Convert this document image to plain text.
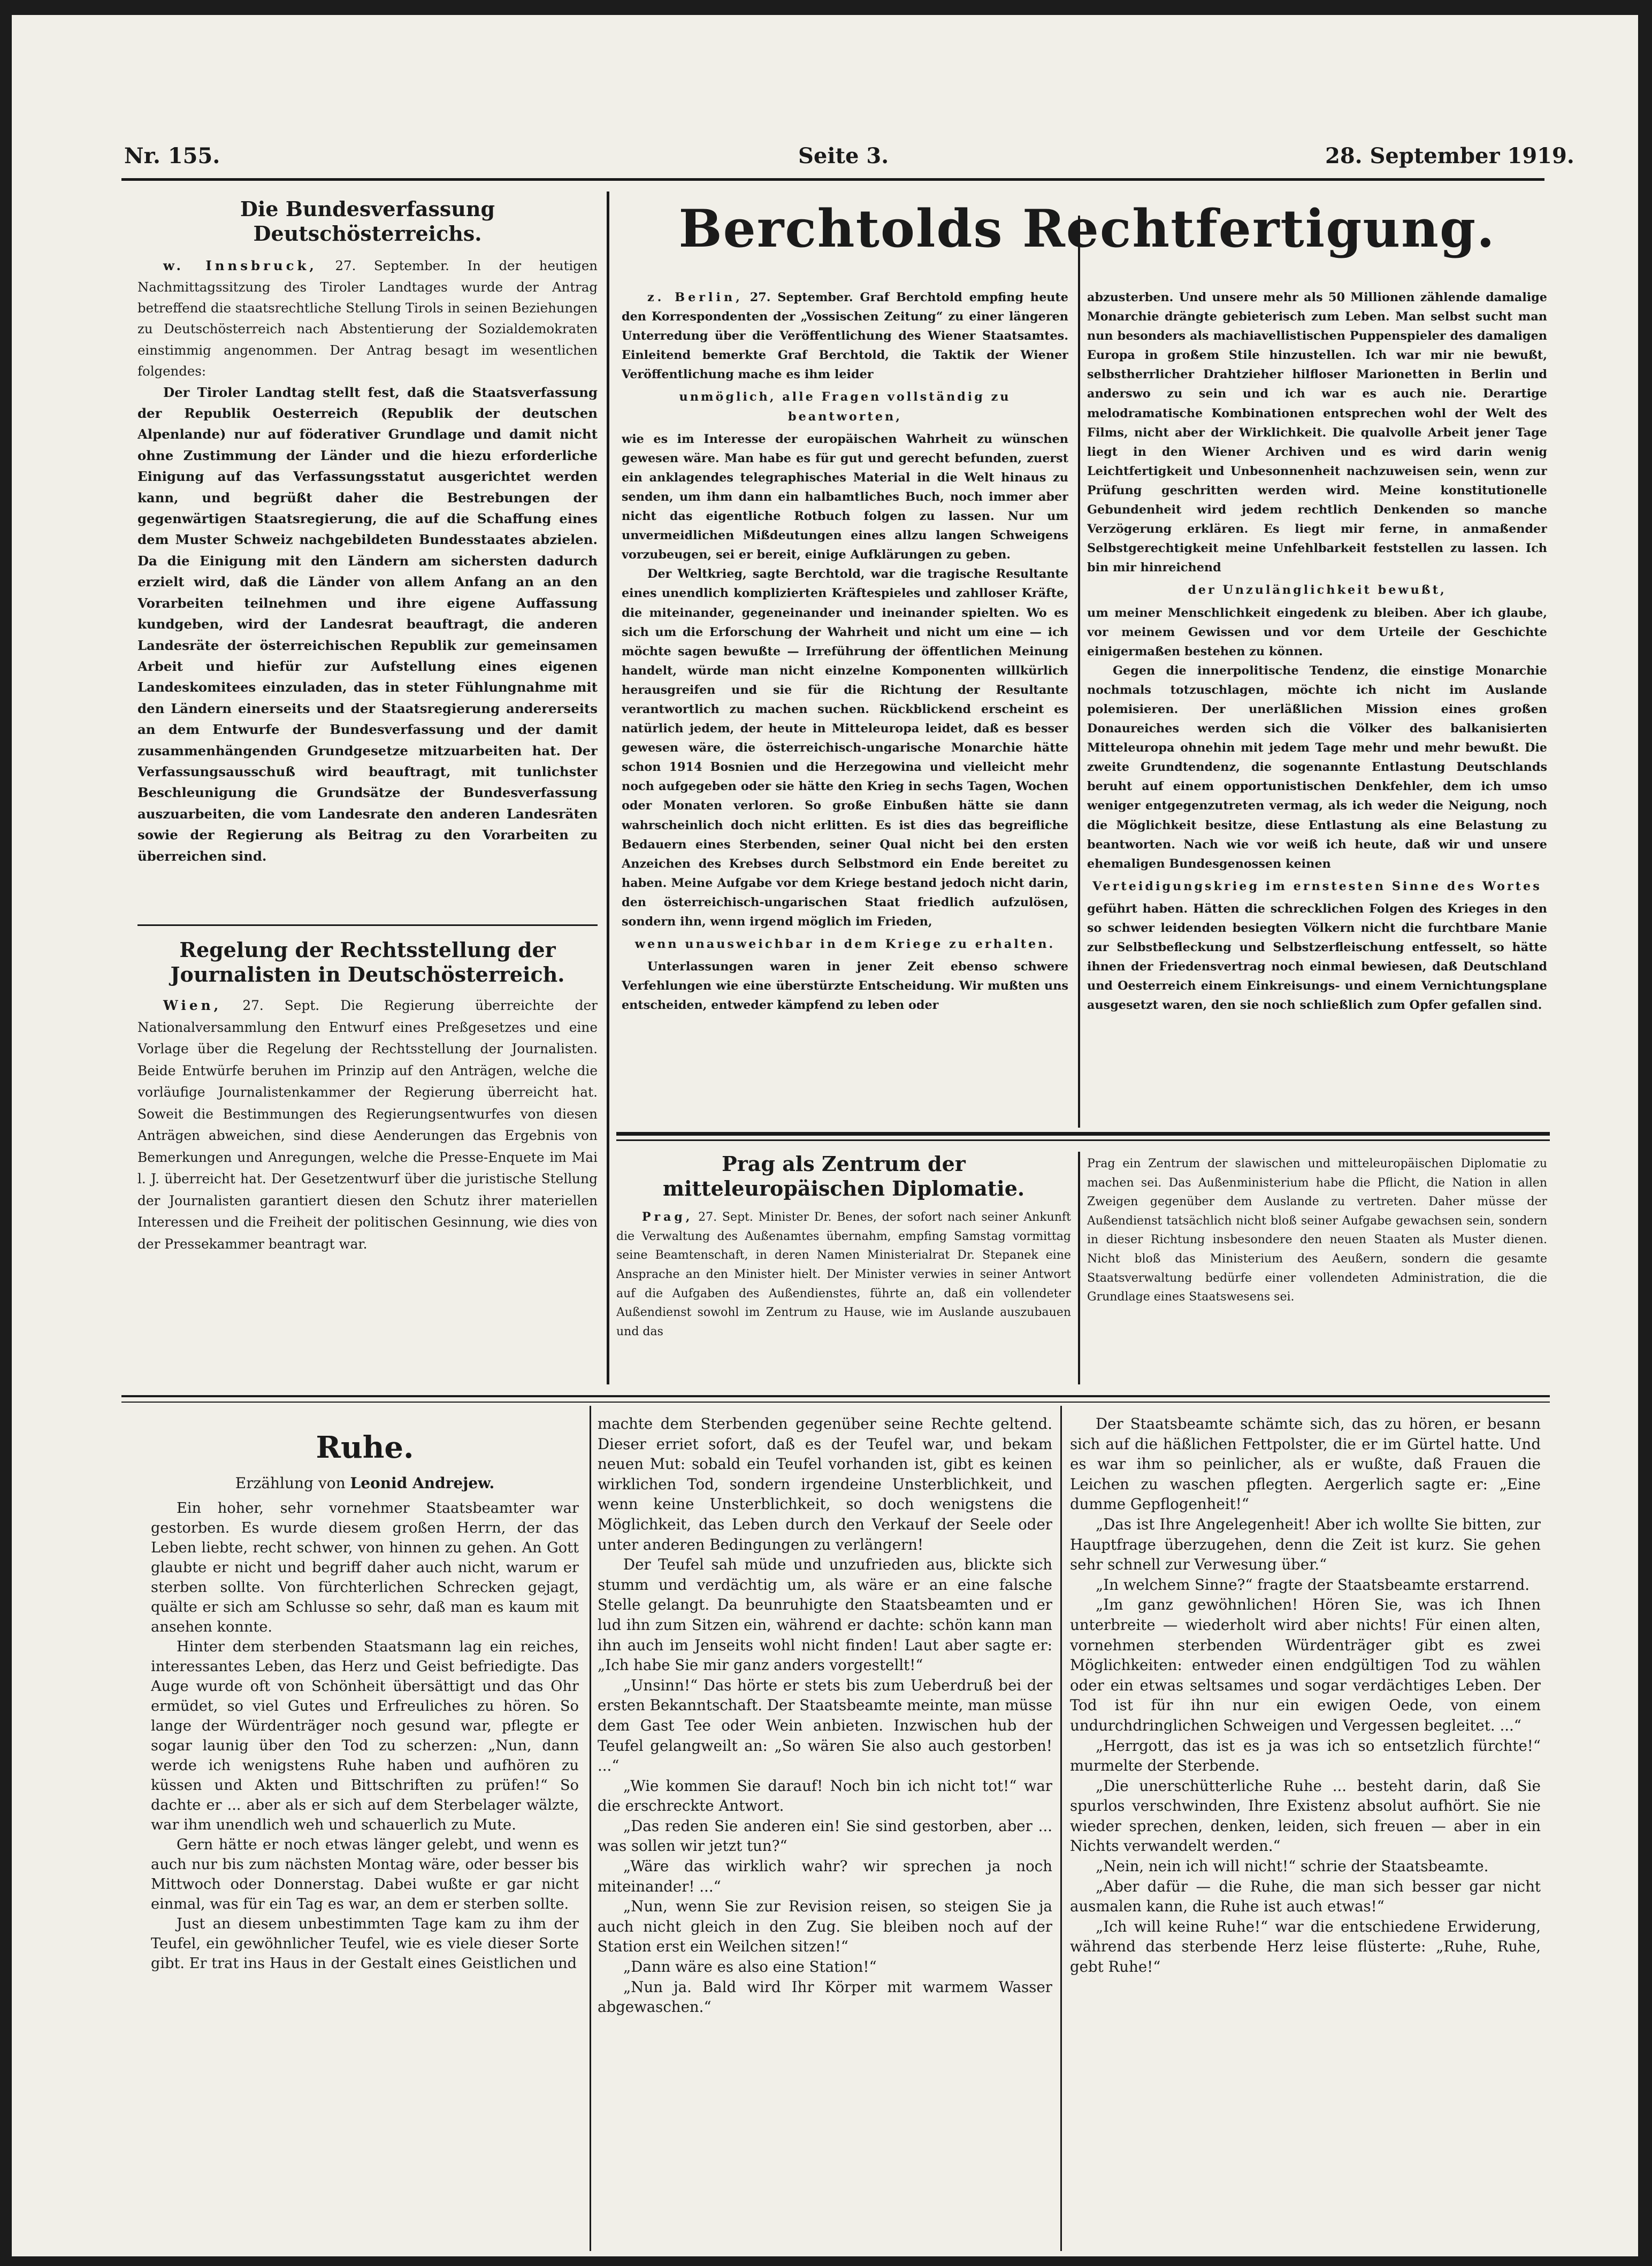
Nr. 155.	Seite 3.	28. September 1919.
Die Bundesverfassung Deutschösterreichs.

w. Innsbruck, 27. September. In der heutigen Nachmittagssitzung des Tiroler Landtages wurde der Antrag betreffend die staatsrechtliche Stellung Tirols in seinen Beziehungen zu Deutschösterreich nach Abstentierung der Sozialdemokraten einstimmig angenommen. Der Antrag besagt im wesentlichen folgendes:

Der Tiroler Landtag stellt fest, daß die Staatsverfassung der Republik Oesterreich (Republik der deutschen Alpenlande) nur auf föderativer Grundlage und damit nicht ohne Zustimmung der Länder und die hiezu erforderliche Einigung auf das Verfassungsstatut ausgerichtet werden kann, und begrüßt daher die Bestrebungen der gegenwärtigen Staatsregierung, die auf die Schaffung eines dem Muster Schweiz nachgebildeten Bundesstaates abzielen. Da die Einigung mit den Ländern am sichersten dadurch erzielt wird, daß die Länder von allem Anfang an an den Vorarbeiten teilnehmen und ihre eigene Auffassung kundgeben, wird der Landesrat beauftragt, die anderen Landesräte der österreichischen Republik zur gemeinsamen Arbeit und hiefür zur Aufstellung eines eigenen Landeskomitees einzuladen, das in steter Fühlungnahme mit den Ländern einerseits und der Staatsregierung andererseits an dem Entwurfe der Bundesverfassung und der damit zusammenhängenden Grundgesetze mitzuarbeiten hat. Der Verfassungsausschuß wird beauftragt, mit tunlichster Beschleunigung die Grundsätze der Bundesverfassung auszuarbeiten, die vom Landesrate den anderen Landesräten sowie der Regierung als Beitrag zu den Vorarbeiten zu überreichen sind.

Regelung der Rechtsstellung der Journalisten in Deutschösterreich.

Wien, 27. Sept. Die Regierung überreichte der Nationalversammlung den Entwurf eines Preßgesetzes und eine Vorlage über die Regelung der Rechtsstellung der Journalisten. Beide Entwürfe beruhen im Prinzip auf den Anträgen, welche die vorläufige Journalistenkammer der Regierung überreicht hat. Soweit die Bestimmungen des Regierungsentwurfes von diesen Anträgen abweichen, sind diese Aenderungen das Ergebnis von Bemerkungen und Anregungen, welche die Presse-Enquete im Mai l. J. überreicht hat. Der Gesetzentwurf über die juristische Stellung der Journalisten garantiert diesen den Schutz ihrer materiellen Interessen und die Freiheit der politischen Gesinnung, wie dies von der Pressekammer beantragt war.

Berchtolds Rechtfertigung.

z. Berlin, 27. September. Graf Berchtold empfing heute den Korrespondenten der „Vossischen Zeitung“ zu einer längeren Unterredung über die Veröffentlichung des Wiener Staatsamtes. Einleitend bemerkte Graf Berchtold, die Taktik der Wiener Veröffentlichung mache es ihm leider

unmöglich, alle Fragen vollständig zu beantworten,

wie es im Interesse der europäischen Wahrheit zu wünschen gewesen wäre. Man habe es für gut und gerecht befunden, zuerst ein anklagendes telegraphisches Material in die Welt hinaus zu senden, um ihm dann ein halbamtliches Buch, noch immer aber nicht das eigentliche Rotbuch folgen zu lassen. Nur um unvermeidlichen Mißdeutungen eines allzu langen Schweigens vorzubeugen, sei er bereit, einige Aufklärungen zu geben.

Der Weltkrieg, sagte Berchtold, war die tragische Resultante eines unendlich komplizierten Kräftespieles und zahlloser Kräfte, die miteinander, gegeneinander und ineinander spielten. Wo es sich um die Erforschung der Wahrheit und nicht um eine — ich möchte sagen bewußte — Irreführung der öffentlichen Meinung handelt, würde man nicht einzelne Komponenten willkürlich herausgreifen und sie für die Richtung der Resultante verantwortlich zu machen suchen. Rückblickend erscheint es natürlich jedem, der heute in Mitteleuropa leidet, daß es besser gewesen wäre, die österreichisch-ungarische Monarchie hätte schon 1914 Bosnien und die Herzegowina und vielleicht mehr noch aufgegeben oder sie hätte den Krieg in sechs Tagen, Wochen oder Monaten verloren. So große Einbußen hätte sie dann wahrscheinlich doch nicht erlitten. Es ist dies das begreifliche Bedauern eines Sterbenden, seiner Qual nicht bei den ersten Anzeichen des Krebses durch Selbstmord ein Ende bereitet zu haben. Meine Aufgabe vor dem Kriege bestand jedoch nicht darin, den österreichisch-ungarischen Staat friedlich aufzulösen, sondern ihn, wenn irgend möglich im Frieden,

wenn unausweichbar in dem Kriege zu erhalten.

Unterlassungen waren in jener Zeit ebenso schwere Verfehlungen wie eine überstürzte Entscheidung. Wir mußten uns entscheiden, entweder kämpfend zu leben oder

abzusterben. Und unsere mehr als 50 Millionen zählende damalige Monarchie drängte gebieterisch zum Leben. Man selbst sucht man nun besonders als machiavellistischen Puppenspieler des damaligen Europa in großem Stile hinzustellen. Ich war mir nie bewußt, selbstherrlicher Drahtzieher hilfloser Marionetten in Berlin und anderswo zu sein und ich war es auch nie. Derartige melodramatische Kombinationen entsprechen wohl der Welt des Films, nicht aber der Wirklichkeit. Die qualvolle Arbeit jener Tage liegt in den Wiener Archiven und es wird darin wenig Leichtfertigkeit und Unbesonnenheit nachzuweisen sein, wenn zur Prüfung geschritten werden wird. Meine konstitutionelle Gebundenheit wird jedem rechtlich Denkenden so manche Verzögerung erklären. Es liegt mir ferne, in anmaßender Selbstgerechtigkeit meine Unfehlbarkeit feststellen zu lassen. Ich bin mir hinreichend

der Unzulänglichkeit bewußt,

um meiner Menschlichkeit eingedenk zu bleiben. Aber ich glaube, vor meinem Gewissen und vor dem Urteile der Geschichte einigermaßen bestehen zu können.

Gegen die innerpolitische Tendenz, die einstige Monarchie nochmals totzuschlagen, möchte ich nicht im Auslande polemisieren. Der unerläßlichen Mission eines großen Donaureiches werden sich die Völker des balkanisierten Mitteleuropa ohnehin mit jedem Tage mehr und mehr bewußt. Die zweite Grundtendenz, die sogenannte Entlastung Deutschlands beruht auf einem opportunistischen Denkfehler, dem ich umso weniger entgegenzutreten vermag, als ich weder die Neigung, noch die Möglichkeit besitze, diese Entlastung als eine Belastung zu beantworten. Nach wie vor weiß ich heute, daß wir und unsere ehemaligen Bundesgenossen keinen

Verteidigungskrieg im ernstesten Sinne des Wortes

geführt haben. Hätten die schrecklichen Folgen des Krieges in den so schwer leidenden besiegten Völkern nicht die furchtbare Manie zur Selbstbefleckung und Selbstzerfleischung entfesselt, so hätte ihnen der Friedensvertrag noch einmal bewiesen, daß Deutschland und Oesterreich einem Einkreisungs- und einem Vernichtungsplane ausgesetzt waren, den sie noch schließlich zum Opfer gefallen sind.

Prag als Zentrum der mitteleuropäischen Diplomatie.

Prag, 27. Sept. Minister Dr. Benes, der sofort nach seiner Ankunft die Verwaltung des Außenamtes übernahm, empfing Samstag vormittag seine Beamtenschaft, in deren Namen Ministerialrat Dr. Stepanek eine Ansprache an den Minister hielt. Der Minister verwies in seiner Antwort auf die Aufgaben des Außendienstes, führte an, daß ein vollendeter Außendienst sowohl im Zentrum zu Hause, wie im Auslande auszubauen und das

Prag ein Zentrum der slawischen und mitteleuropäischen Diplomatie zu machen sei. Das Außenministerium habe die Pflicht, die Nation in allen Zweigen gegenüber dem Auslande zu vertreten. Daher müsse der Außendienst tatsächlich nicht bloß seiner Aufgabe gewachsen sein, sondern in dieser Richtung insbesondere den neuen Staaten als Muster dienen. Nicht bloß das Ministerium des Aeußern, sondern die gesamte Staatsverwaltung bedürfe einer vollendeten Administration, die die Grundlage eines Staatswesens sei.

Ruhe.
Erzählung von Leonid Andrejew.

Ein hoher, sehr vornehmer Staatsbeamter war gestorben. Es wurde diesem großen Herrn, der das Leben liebte, recht schwer, von hinnen zu gehen. An Gott glaubte er nicht und begriff daher auch nicht, warum er sterben sollte. Von fürchterlichen Schrecken gejagt, quälte er sich am Schlusse so sehr, daß man es kaum mit ansehen konnte.

Hinter dem sterbenden Staatsmann lag ein reiches, interessantes Leben, das Herz und Geist befriedigte. Das Auge wurde oft von Schönheit übersättigt und das Ohr ermüdet, so viel Gutes und Erfreuliches zu hören. So lange der Würdenträger noch gesund war, pflegte er sogar launig über den Tod zu scherzen: „Nun, dann werde ich wenigstens Ruhe haben und aufhören zu küssen und Akten und Bittschriften zu prüfen!“ So dachte er ... aber als er sich auf dem Sterbelager wälzte, war ihm unendlich weh und schauerlich zu Mute.

Gern hätte er noch etwas länger gelebt, und wenn es auch nur bis zum nächsten Montag wäre, oder besser bis Mittwoch oder Donnerstag. Dabei wußte er gar nicht einmal, was für ein Tag es war, an dem er sterben sollte.

Just an diesem unbestimmten Tage kam zu ihm der Teufel, ein gewöhnlicher Teufel, wie es viele dieser Sorte gibt. Er trat ins Haus in der Gestalt eines Geistlichen und

machte dem Sterbenden gegenüber seine Rechte geltend. Dieser erriet sofort, daß es der Teufel war, und bekam neuen Mut: sobald ein Teufel vorhanden ist, gibt es keinen wirklichen Tod, sondern irgendeine Unsterblichkeit, und wenn keine Unsterblichkeit, so doch wenigstens die Möglichkeit, das Leben durch den Verkauf der Seele oder unter anderen Bedingungen zu verlängern!

Der Teufel sah müde und unzufrieden aus, blickte sich stumm und verdächtig um, als wäre er an eine falsche Stelle gelangt. Da beunruhigte den Staatsbeamten und er lud ihn zum Sitzen ein, während er dachte: schön kann man ihn auch im Jenseits wohl nicht finden! Laut aber sagte er: „Ich habe Sie mir ganz anders vorgestellt!“

„Unsinn!“ Das hörte er stets bis zum Ueberdruß bei der ersten Bekanntschaft. Der Staatsbeamte meinte, man müsse dem Gast Tee oder Wein anbieten. Inzwischen hub der Teufel gelangweilt an: „So wären Sie also auch gestorben! ...“

„Wie kommen Sie darauf! Noch bin ich nicht tot!“ war die erschreckte Antwort.

„Das reden Sie anderen ein! Sie sind gestorben, aber ... was sollen wir jetzt tun?“

„Wäre das wirklich wahr? wir sprechen ja noch miteinander! ...“

„Nun, wenn Sie zur Revision reisen, so steigen Sie ja auch nicht gleich in den Zug. Sie bleiben noch auf der Station erst ein Weilchen sitzen!“

„Dann wäre es also eine Station!“

„Nun ja. Bald wird Ihr Körper mit warmem Wasser abgewaschen.“

Der Staatsbeamte schämte sich, das zu hören, er besann sich auf die häßlichen Fettpolster, die er im Gürtel hatte. Und es war ihm so peinlicher, als er wußte, daß Frauen die Leichen zu waschen pflegten. Aergerlich sagte er: „Eine dumme Gepflogenheit!“

„Das ist Ihre Angelegenheit! Aber ich wollte Sie bitten, zur Hauptfrage überzugehen, denn die Zeit ist kurz. Sie gehen sehr schnell zur Verwesung über.“

„In welchem Sinne?“ fragte der Staatsbeamte erstarrend.

„Im ganz gewöhnlichen! Hören Sie, was ich Ihnen unterbreite — wiederholt wird aber nichts! Für einen alten, vornehmen sterbenden Würdenträger gibt es zwei Möglichkeiten: entweder einen endgültigen Tod zu wählen oder ein etwas seltsames und sogar verdächtiges Leben. Der Tod ist für ihn nur ein ewigen Oede, von einem undurchdringlichen Schweigen und Vergessen begleitet. ...“

„Herrgott, das ist es ja was ich so entsetzlich fürchte!“ murmelte der Sterbende.

„Die unerschütterliche Ruhe ... besteht darin, daß Sie spurlos verschwinden, Ihre Existenz absolut aufhört. Sie nie wieder sprechen, denken, leiden, sich freuen — aber in ein Nichts verwandelt werden.“

„Nein, nein ich will nicht!“ schrie der Staatsbeamte.

„Aber dafür — die Ruhe, die man sich besser gar nicht ausmalen kann, die Ruhe ist auch etwas!“

„Ich will keine Ruhe!“ war die entschiedene Erwiderung, während das sterbende Herz leise flüsterte: „Ruhe, Ruhe, gebt Ruhe!“
